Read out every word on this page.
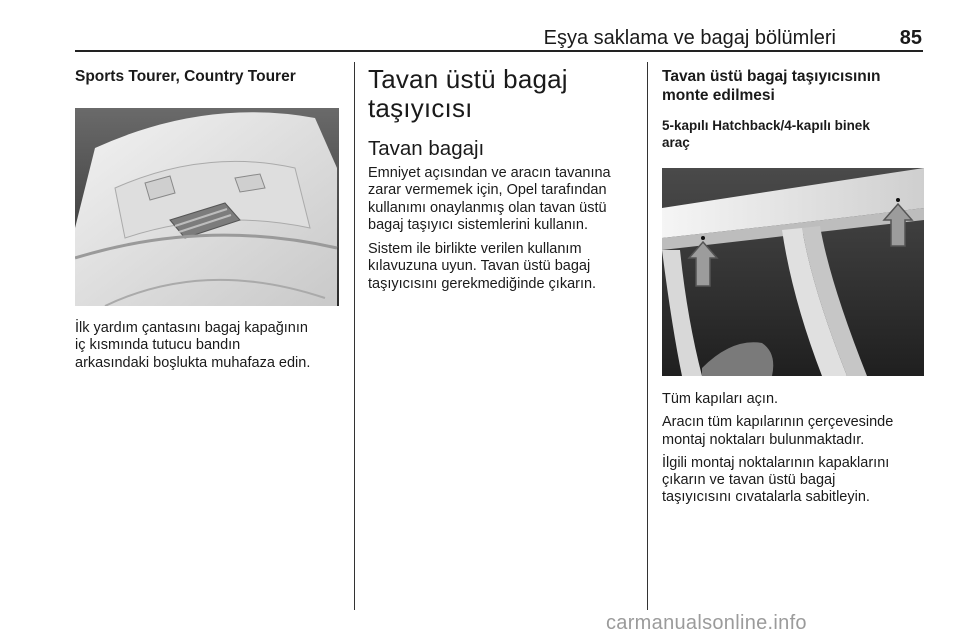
Eşya saklama ve bagaj bölümleri	85
Sports Tourer, Country Tourer

İlk yardım çantasını bagaj kapağının
iç kısmında tutucu bandın
arkasındaki boşlukta muhafaza edin.

Tavan üstü bagaj
taşıyıcısı
Tavan bagajı

Emniyet açısından ve aracın tavanına
zarar vermemek için, Opel tarafından
kullanımı onaylanmış olan tavan üstü
bagaj taşıyıcı sistemlerini kullanın.

Sistem ile birlikte verilen kullanım
kılavuzuna uyun. Tavan üstü bagaj
taşıyıcısını gerekmediğinde çıkarın.

Tavan üstü bagaj taşıyıcısının
monte edilmesi
5-kapılı Hatchback/4-kapılı binek
araç

Tüm kapıları açın.

Aracın tüm kapılarının çerçevesinde
montaj noktaları bulunmaktadır.

İlgili montaj noktalarının kapaklarını
çıkarın ve tavan üstü bagaj
taşıyıcısını cıvatalarla sabitleyin.

carmanualsonline.info
